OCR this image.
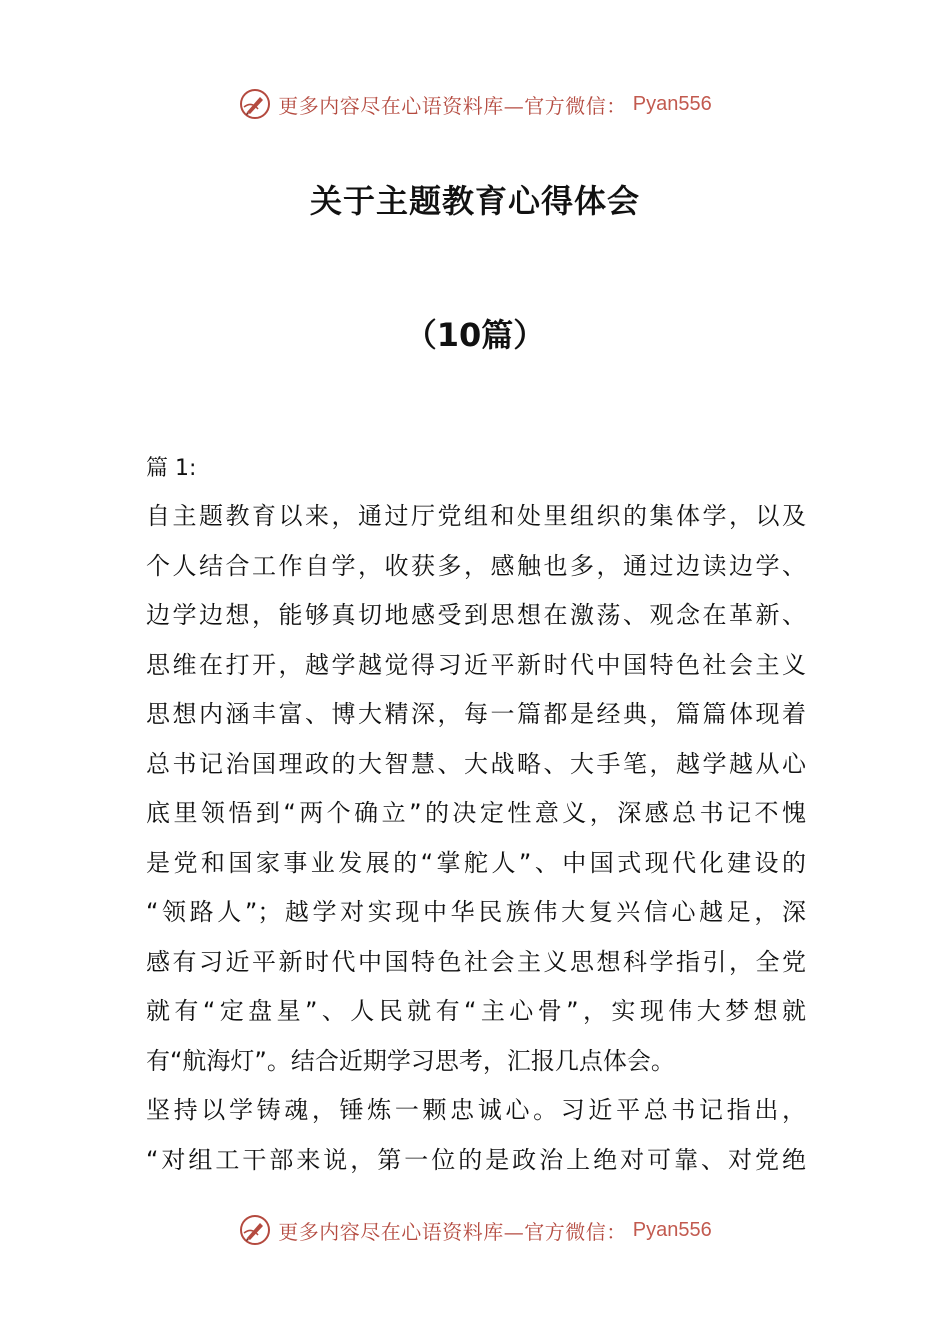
更多内容尽在心语资料库—官方微信： Pyan556
关于主题教育心得体会
（10篇）
篇 1:
自主题教育以来，通过厅党组和处里组织的集体学，以及
个人结合工作自学，收获多，感触也多，通过边读边学、
边学边想，能够真切地感受到思想在激荡、观念在革新、
思维在打开，越学越觉得习近平新时代中国特色社会主义
思想内涵丰富、博大精深，每一篇都是经典，篇篇体现着
总书记治国理政的大智慧、大战略、大手笔，越学越从心
底里领悟到“两个确立”的决定性意义，深感总书记不愧
是党和国家事业发展的“掌舵人”、中国式现代化建设的
“领路人”；越学对实现中华民族伟大复兴信心越足，深
感有习近平新时代中国特色社会主义思想科学指引，全党
就有“定盘星”、人民就有“主心骨”，实现伟大梦想就
有“航海灯”。结合近期学习思考，汇报几点体会。
坚持以学铸魂，锤炼一颗忠诚心。习近平总书记指出，
“对组工干部来说，第一位的是政治上绝对可靠、对党绝
更多内容尽在心语资料库—官方微信： Pyan556
